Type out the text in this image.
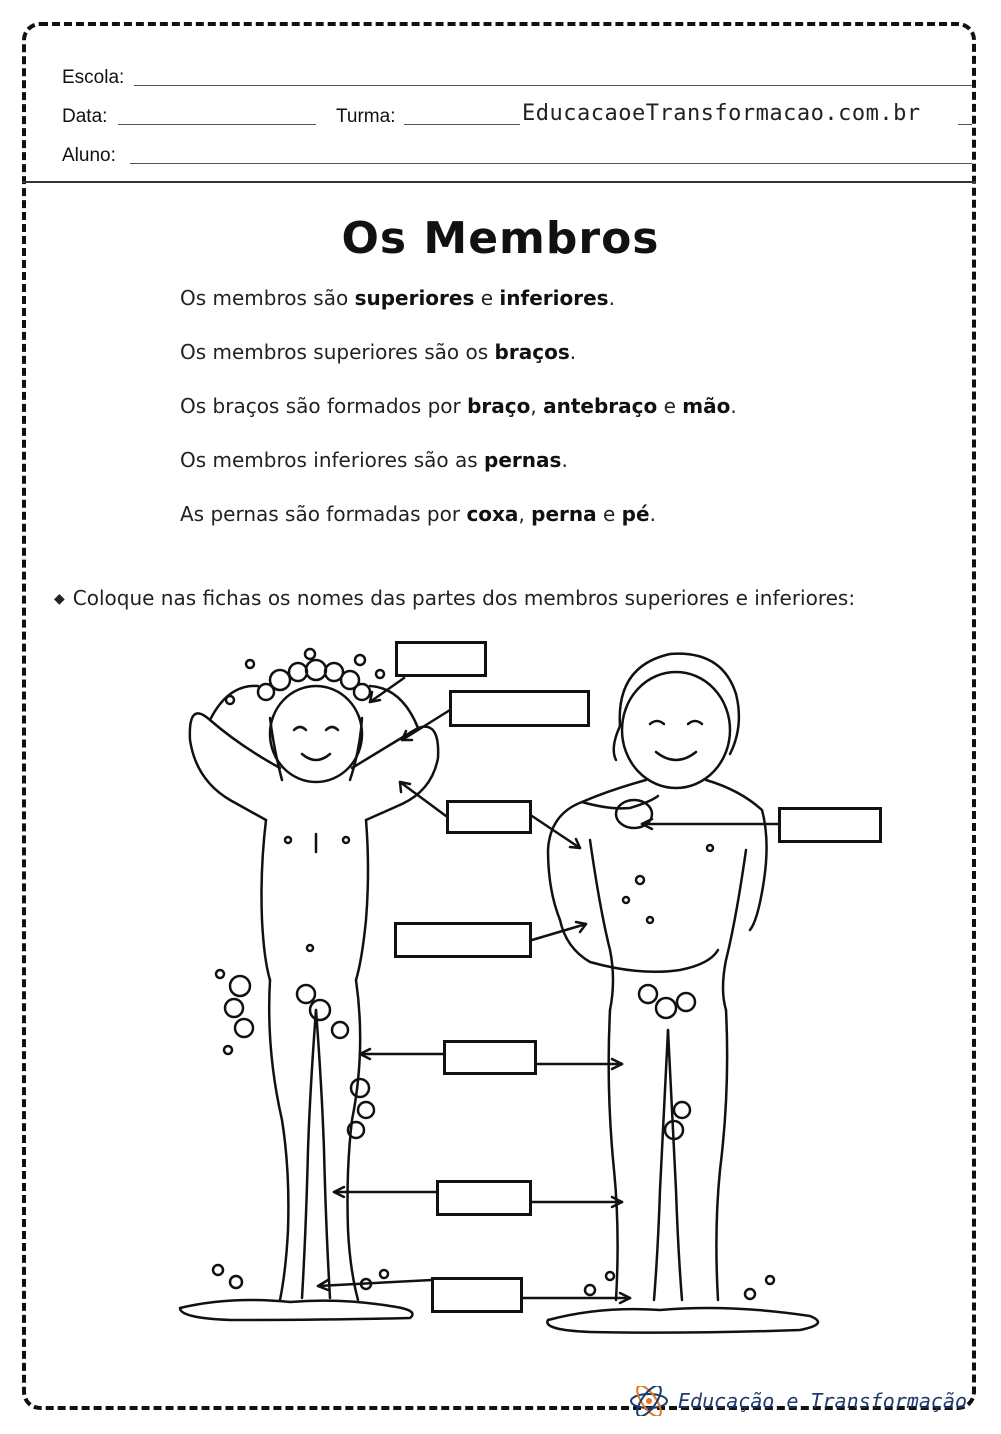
Escola:
Data:	Turma:	EducacaoeTransformacao.com.br
Aluno:
Os Membros
Os membros são superiores e inferiores.
Os membros superiores são os braços.
Os braços são formados por braço, antebraço e mão.
Os membros inferiores são as pernas.
As pernas são formadas por coxa, perna e pé.
◆ Coloque nas fichas os nomes das partes dos membros superiores e inferiores:
Educação e Transformação
